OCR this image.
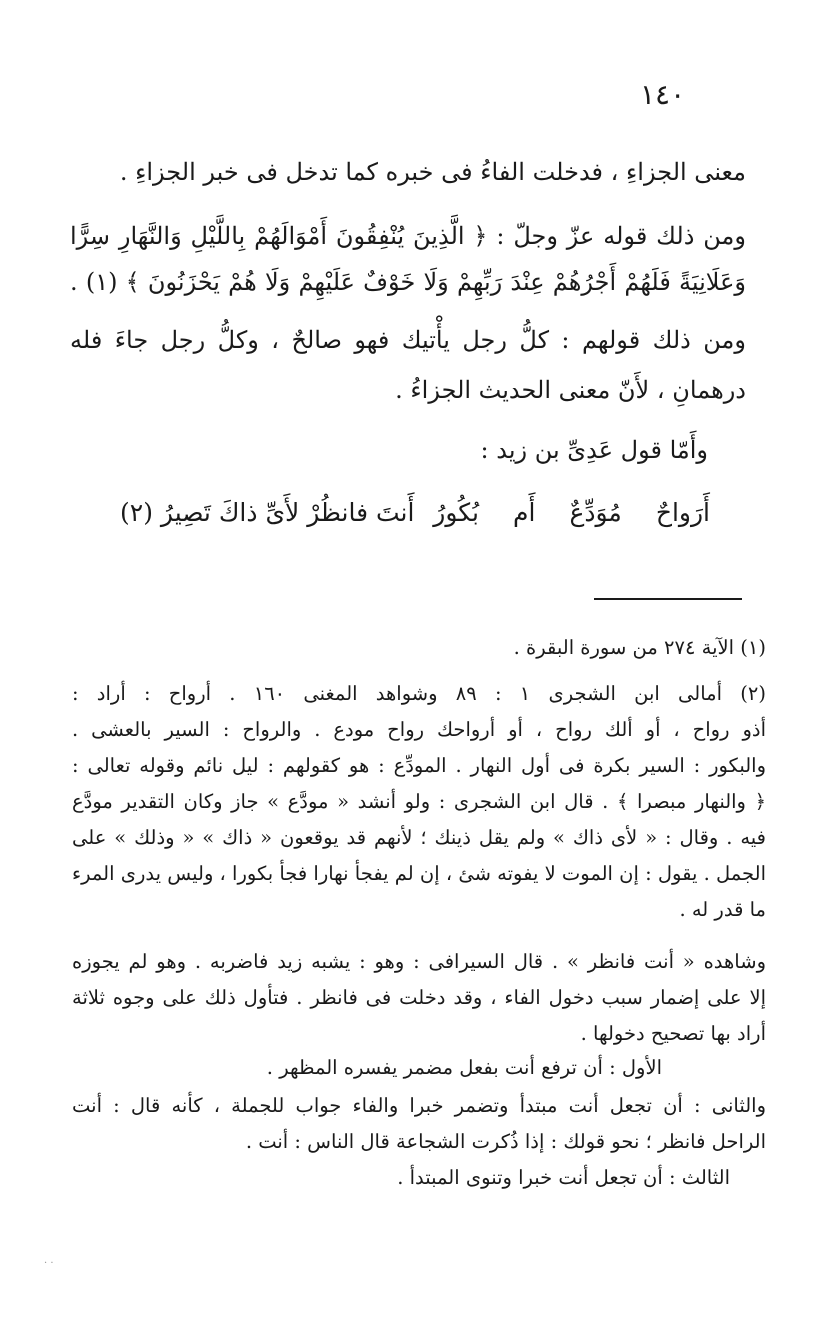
١٤٠
معنى الجزاءِ ، فدخلت الفاءُ فى خبره كما تدخل فى خبر الجزاءِ .
ومن ذلك قوله عزّ وجلّ : ﴿ الَّذِينَ يُنْفِقُونَ أَمْوَالَهُمْ بِاللَّيْلِ وَالنَّهَارِ سِرًّا
وَعَلَانِيَةً فَلَهُمْ أَجْرُهُمْ عِنْدَ رَبِّهِمْ وَلَا خَوْفٌ عَلَيْهِمْ وَلَا هُمْ يَحْزَنُونَ ﴾ (١) .
ومن ذلك قولهم : كلُّ رجل يأْتيك فهو صالحٌ ، وكلُّ رجل جاءَ فله
درهمانِ ، لأَنّ معنى الحديث الجزاءُ .
وأَمّا قول عَدِىِّ بن زيد :
أَرَواحٌ
مُوَدِّعٌ
أَم
بُكُورُ
أَنتَ فانظُرْ لأَىِّ ذاكَ تَصِيرُ (٢)
(١) الآية ٢٧٤ من سورة البقرة .
(٢) أمالى ابن الشجرى ١ : ٨٩ وشواهد المغنى ١٦٠ . أرواح : أراد :
أذو رواح ، أو ألك رواح ، أو أرواحك رواح مودع . والرواح : السير بالعشى .
والبكور : السير بكرة فى أول النهار . المودِّع : هو كقولهم : ليل نائم وقوله تعالى :
﴿ والنهار مبصرا ﴾ . قال ابن الشجرى : ولو أنشد « مودَّع » جاز وكان التقدير مودَّع
فيه . وقال : « لأى ذاك » ولم يقل ذينك ؛ لأنهم قد يوقعون « ذاك » « وذلك » على
الجمل . يقول : إن الموت لا يفوته شئ ، إن لم يفجأ نهارا فجأ بكورا ، وليس يدرى المرء
ما قدر له .
وشاهده « أنت فانظر » . قال السيرافى : وهو : يشبه زيد فاضربه . وهو لم يجوزه
إلا على إضمار سبب دخول الفاء ، وقد دخلت فى فانظر . فتأول ذلك على وجوه ثلاثة
أراد بها تصحيح دخولها .
الأول : أن ترفع أنت بفعل مضمر يفسره المظهر .
والثانى : أن تجعل أنت مبتدأ وتضمر خبرا والفاء جواب للجملة ، كأنه قال : أنت
الراحل فانظر ؛ نحو قولك : إذا ذُكرت الشجاعة قال الناس : أنت .
الثالث : أن تجعل أنت خبرا وتنوى المبتدأ .
· ·
